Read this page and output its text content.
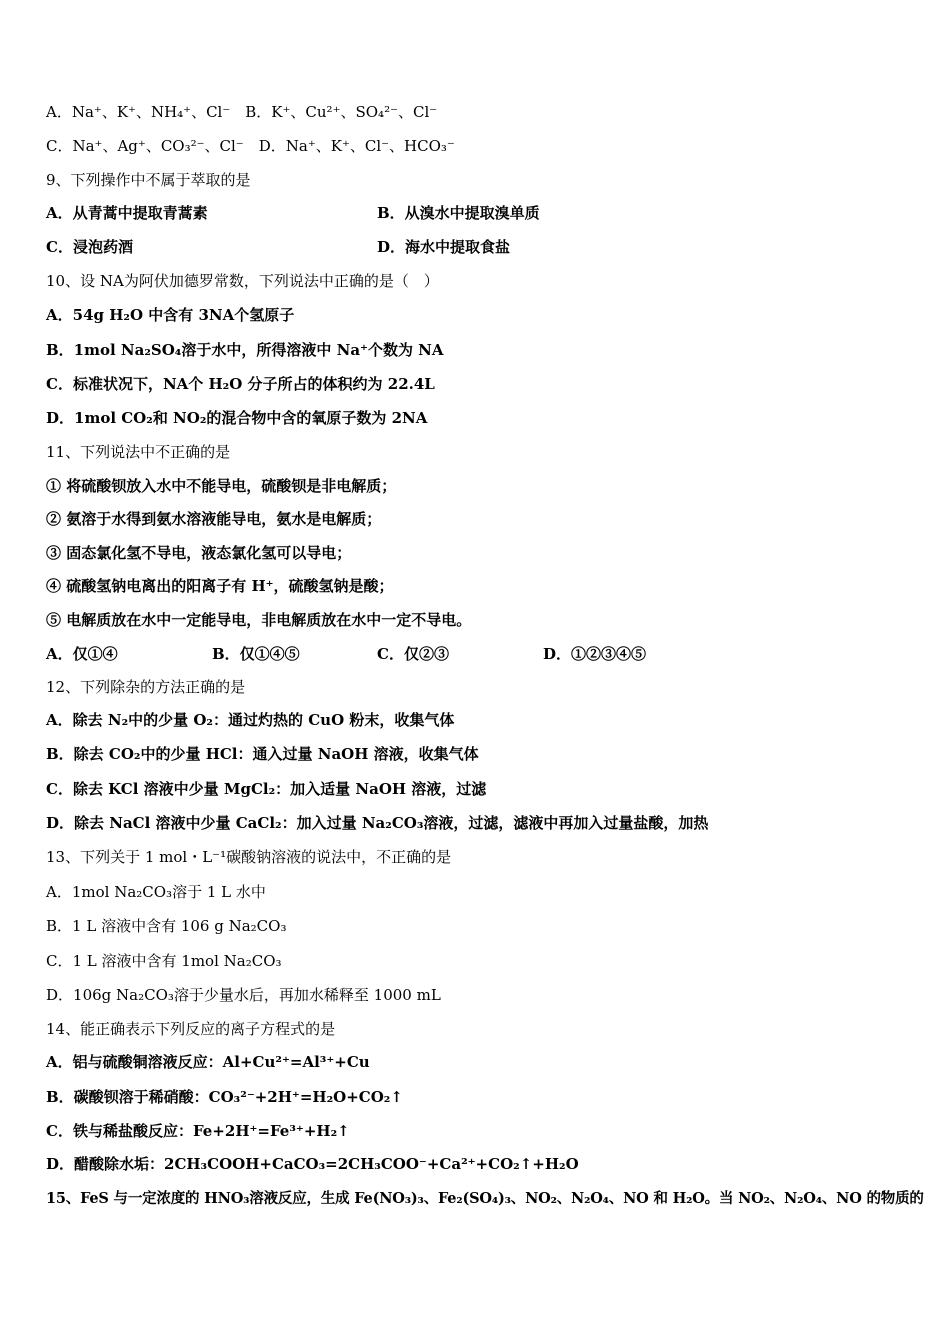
A．Na⁺、K⁺、NH₄⁺、Cl⁻　B．K⁺、Cu²⁺、SO₄²⁻、Cl⁻
C．Na⁺、Ag⁺、CO₃²⁻、Cl⁻　D．Na⁺、K⁺、Cl⁻、HCO₃⁻
9、下列操作中不属于萃取的是
A．从青蒿中提取青蒿素	B．从溴水中提取溴单质
C．浸泡药酒	D．海水中提取食盐
10、设 NA为阿伏加德罗常数，下列说法中正确的是（　）
A．54g H₂O 中含有 3NA个氢原子
B．1mol Na₂SO₄溶于水中，所得溶液中 Na⁺个数为 NA
C．标准状况下，NA个 H₂O 分子所占的体积约为 22.4L
D．1mol CO₂和 NO₂的混合物中含的氧原子数为 2NA
11、下列说法中不正确的是
① 将硫酸钡放入水中不能导电，硫酸钡是非电解质；
② 氨溶于水得到氨水溶液能导电，氨水是电解质；
③ 固态氯化氢不导电，液态氯化氢可以导电；
④ 硫酸氢钠电离出的阳离子有 H⁺，硫酸氢钠是酸；
⑤ 电解质放在水中一定能导电，非电解质放在水中一定不导电。
A．仅①④	B．仅①④⑤	C．仅②③	D．①②③④⑤
12、下列除杂的方法正确的是
A．除去 N₂中的少量 O₂：通过灼热的 CuO 粉末，收集气体
B．除去 CO₂中的少量 HCl：通入过量 NaOH 溶液，收集气体
C．除去 KCl 溶液中少量 MgCl₂：加入适量 NaOH 溶液，过滤
D．除去 NaCl 溶液中少量 CaCl₂：加入过量 Na₂CO₃溶液，过滤，滤液中再加入过量盐酸，加热
13、下列关于 1 mol・L⁻¹碳酸钠溶液的说法中，不正确的是
A．1mol Na₂CO₃溶于 1 L 水中
B．1 L 溶液中含有 106 g Na₂CO₃
C．1 L 溶液中含有 1mol Na₂CO₃
D．106g Na₂CO₃溶于少量水后，再加水稀释至 1000 mL
14、能正确表示下列反应的离子方程式的是
A．铝与硫酸铜溶液反应：Al+Cu²⁺=Al³⁺+Cu
B．碳酸钡溶于稀硝酸：CO₃²⁻+2H⁺=H₂O+CO₂↑
C．铁与稀盐酸反应：Fe+2H⁺=Fe³⁺+H₂↑
D．醋酸除水垢：2CH₃COOH+CaCO₃=2CH₃COO⁻+Ca²⁺+CO₂↑+H₂O
15、FeS 与一定浓度的 HNO₃溶液反应，生成 Fe(NO₃)₃、Fe₂(SO₄)₃、NO₂、N₂O₄、NO 和 H₂O。当 NO₂、N₂O₄、NO 的物质的
